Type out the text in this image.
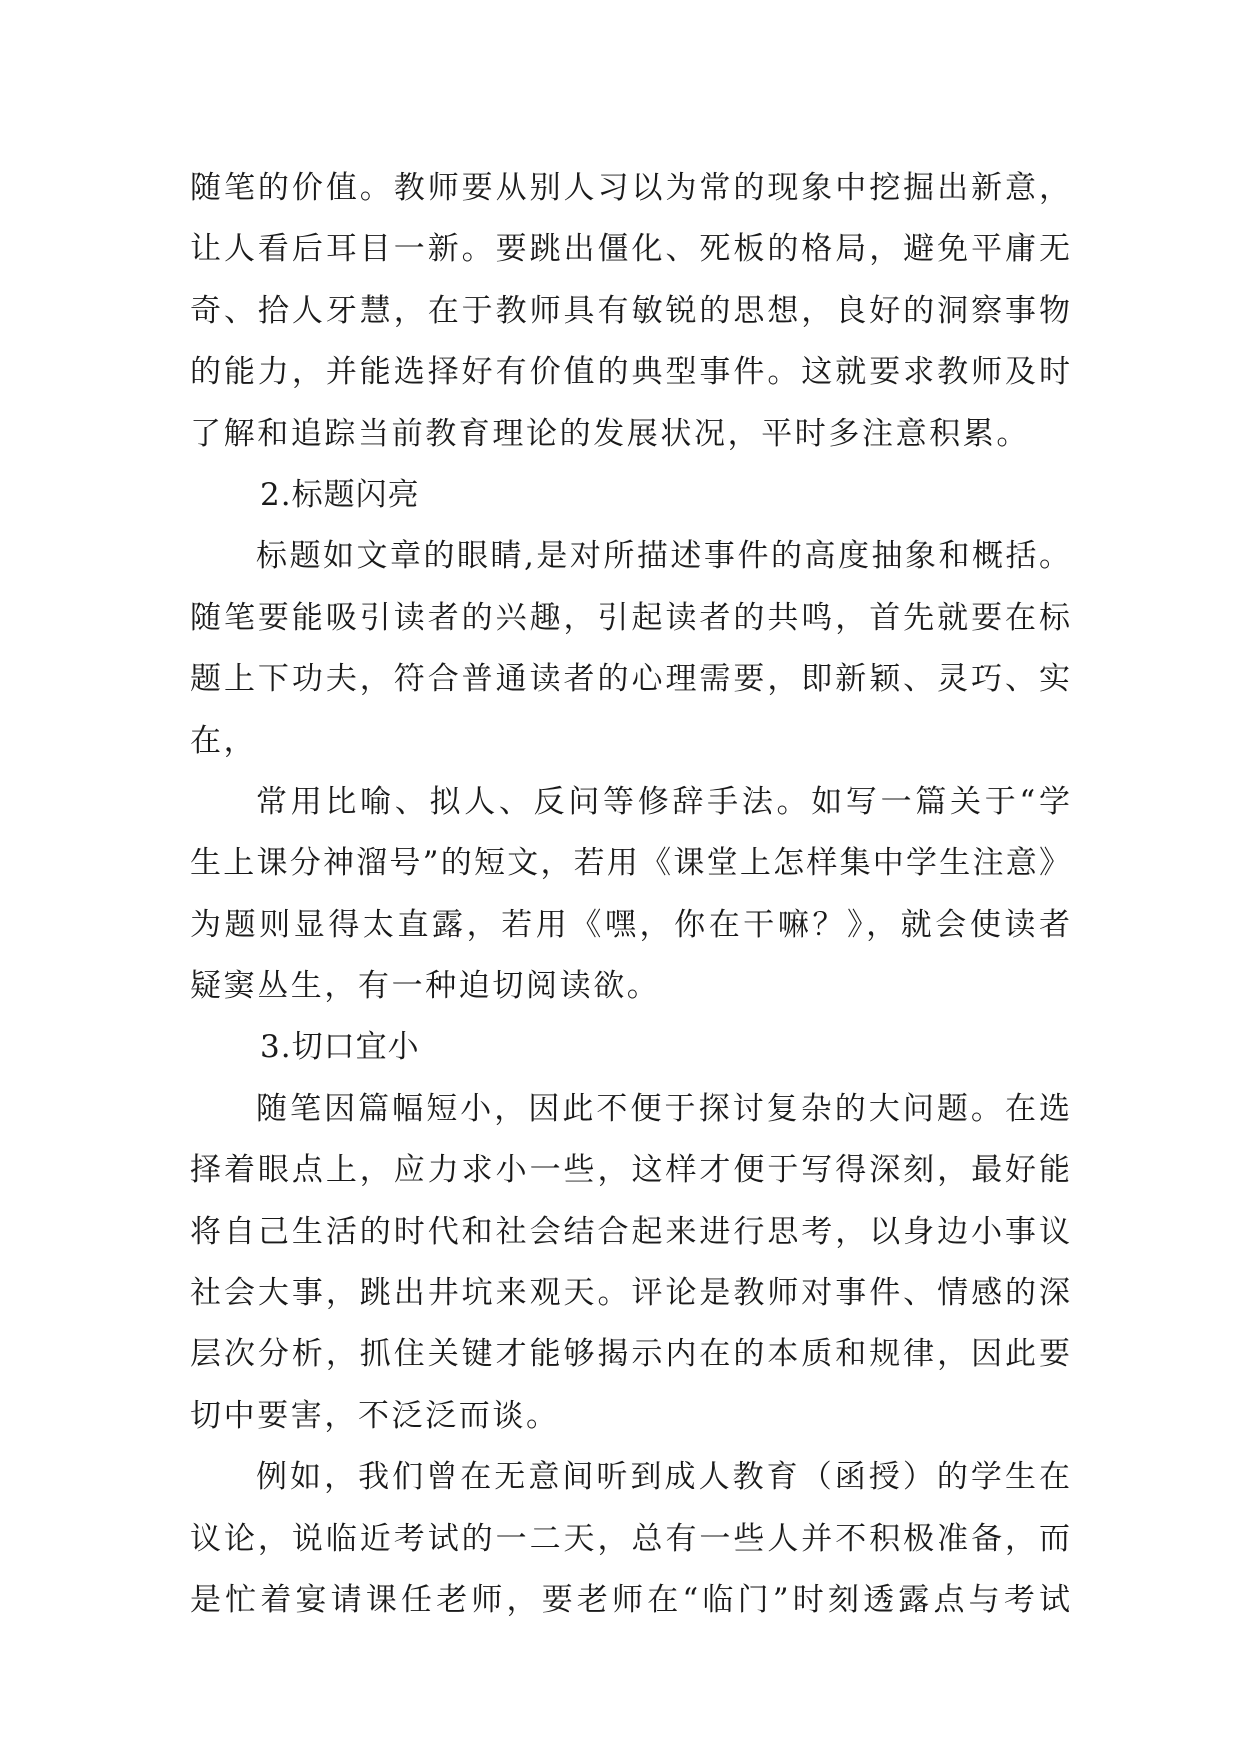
随笔的价值。教师要从别人习以为常的现象中挖掘出新意，
让人看后耳目一新。要跳出僵化、死板的格局，避免平庸无
奇、拾人牙慧，在于教师具有敏锐的思想，良好的洞察事物
的能力，并能选择好有价值的典型事件。这就要求教师及时
了解和追踪当前教育理论的发展状况，平时多注意积累。
2.标题闪亮
标题如文章的眼睛,是对所描述事件的高度抽象和概括。
随笔要能吸引读者的兴趣，引起读者的共鸣，首先就要在标
题上下功夫，符合普通读者的心理需要，即新颖、灵巧、实
在，
常用比喻、拟人、反问等修辞手法。如写一篇关于“学
生上课分神溜号”的短文，若用《课堂上怎样集中学生注意》
为题则显得太直露，若用《嘿，你在干嘛？》，就会使读者
疑窦丛生，有一种迫切阅读欲。
3.切口宜小
随笔因篇幅短小，因此不便于探讨复杂的大问题。在选
择着眼点上，应力求小一些，这样才便于写得深刻，最好能
将自己生活的时代和社会结合起来进行思考，以身边小事议
社会大事，跳出井坑来观天。评论是教师对事件、情感的深
层次分析，抓住关键才能够揭示内在的本质和规律，因此要
切中要害，不泛泛而谈。
例如，我们曾在无意间听到成人教育（函授）的学生在
议论，说临近考试的一二天，总有一些人并不积极准备，而
是忙着宴请课任老师，要老师在“临门”时刻透露点与考试
